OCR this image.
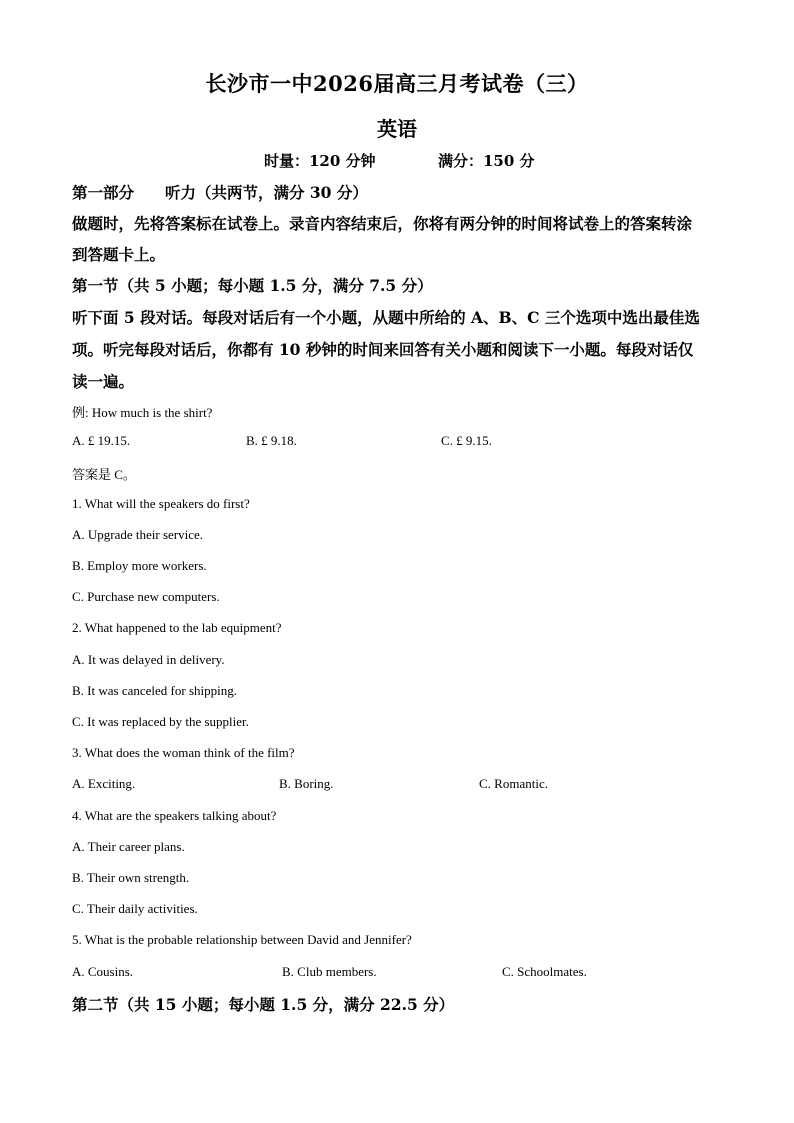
长沙市一中2026届高三月考试卷（三）
英语
时量：120 分钟	满分：150 分
第一部分　　听力（共两节，满分 30 分）
做题时，先将答案标在试卷上。录音内容结束后，你将有两分钟的时间将试卷上的答案转涂
到答题卡上。
第一节（共 5 小题；每小题 1.5 分，满分 7.5 分）
听下面 5 段对话。每段对话后有一个小题，从题中所给的 A、B、C 三个选项中选出最佳选
项。听完每段对话后，你都有 10 秒钟的时间来回答有关小题和阅读下一小题。每段对话仅
读一遍。
例: How much is the shirt?
A. £ 19.15.	B. £ 9.18.	C. £ 9.15.
答案是 C。
1. What will the speakers do first?
A. Upgrade their service.
B. Employ more workers.
C. Purchase new computers.
2. What happened to the lab equipment?
A. It was delayed in delivery.
B. It was canceled for shipping.
C. It was replaced by the supplier.
3. What does the woman think of the film?
A. Exciting.	B. Boring.	C. Romantic.
4. What are the speakers talking about?
A. Their career plans.
B. Their own strength.
C. Their daily activities.
5. What is the probable relationship between David and Jennifer?
A. Cousins.	B. Club members.	C. Schoolmates.
第二节（共 15 小题；每小题 1.5 分，满分 22.5 分）
